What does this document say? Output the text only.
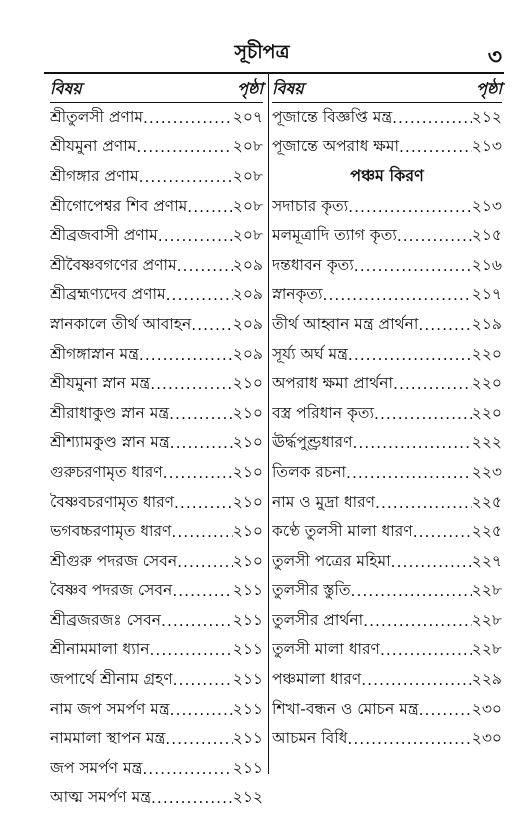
সূচীপত্র	৩
বিষয়	পৃষ্ঠা
শ্রীতুলসী প্রণাম .....	২০৭
শ্রীযমুনা প্রণাম .....	২০৮
শ্রীগঙ্গার প্রণাম .....	২০৮
শ্রীগোপেশ্বর শিব প্রণাম .....	২০৮
শ্রীব্রজবাসী প্রণাম .....	২০৮
শ্রীবৈষ্ণবগণের প্রণাম .....	২০৯
শ্রীব্রহ্মণ্যদেব প্রণাম .....	২০৯
স্নানকালে তীর্থ আবাহন .....	২০৯
শ্রীগঙ্গাস্নান মন্ত্র .....	২০৯
শ্রীযমুনা স্নান মন্ত্র .....	২১০
শ্রীরাধাকুণ্ড স্নান মন্ত্র .....	২১০
শ্রীশ্যামকুণ্ড স্নান মন্ত্র .....	২১০
গুরুচরণামৃত ধারণ .....	২১০
বৈষ্ণবচরণামৃত ধারণ .....	২১০
ভগবচ্চরণামৃত ধারণ .....	২১০
শ্রীগুরু পদরজ সেবন .....	২১০
বৈষ্ণব পদরজ সেবন .....	২১১
শ্রীব্রজরজঃ সেবন .....	২১১
শ্রীনামমালা ধ্যান .....	২১১
জপার্থে শ্রীনাম গ্রহণ .....	২১১
নাম জপ সমর্পণ মন্ত্র .....	২১১
নামমালা স্থাপন মন্ত্র .....	২১১
জপ সমর্পণ মন্ত্র .....	২১১
আত্ম সমর্পণ মন্ত্র .....	২১২
বিষয়	পৃষ্ঠা
পূজান্তে বিজ্ঞপ্তি মন্ত্র .....	২১২
পূজান্তে অপরাধ ক্ষমা .....	২১৩
পঞ্চম কিরণ
সদাচার কৃত্য .....	২১৩
মলমূত্রাদি ত্যাগ কৃত্য .....	২১৫
দন্তধাবন কৃত্য .....	২১৬
স্নানকৃত্য .....	২১৭
তীর্থ আহ্বান মন্ত্র প্রার্থনা .....	২১৯
সূর্য্য অর্ঘ মন্ত্র .....	২২০
অপরাধ ক্ষমা প্রার্থনা .....	২২০
বস্ত্র পরিধান কৃত্য .....	২২০
ঊর্দ্ধপুণ্ড্রধারণ .....	২২২
তিলক রচনা .....	২২৩
নাম ও মুদ্রা ধারণ .....	২২৫
কণ্ঠে তুলসী মালা ধারণ .....	২২৫
তুলসী পত্রের মহিমা .....	২২৭
তুলসীর স্তুতি .....	২২৮
তুলসীর প্রার্থনা .....	২২৮
তুলসী মালা ধারণ .....	২২৮
পঞ্চমালা ধারণ .....	২২৯
শিখা-বন্ধন ও মোচন মন্ত্র .....	২৩০
আচমন বিধি .....	২৩০
